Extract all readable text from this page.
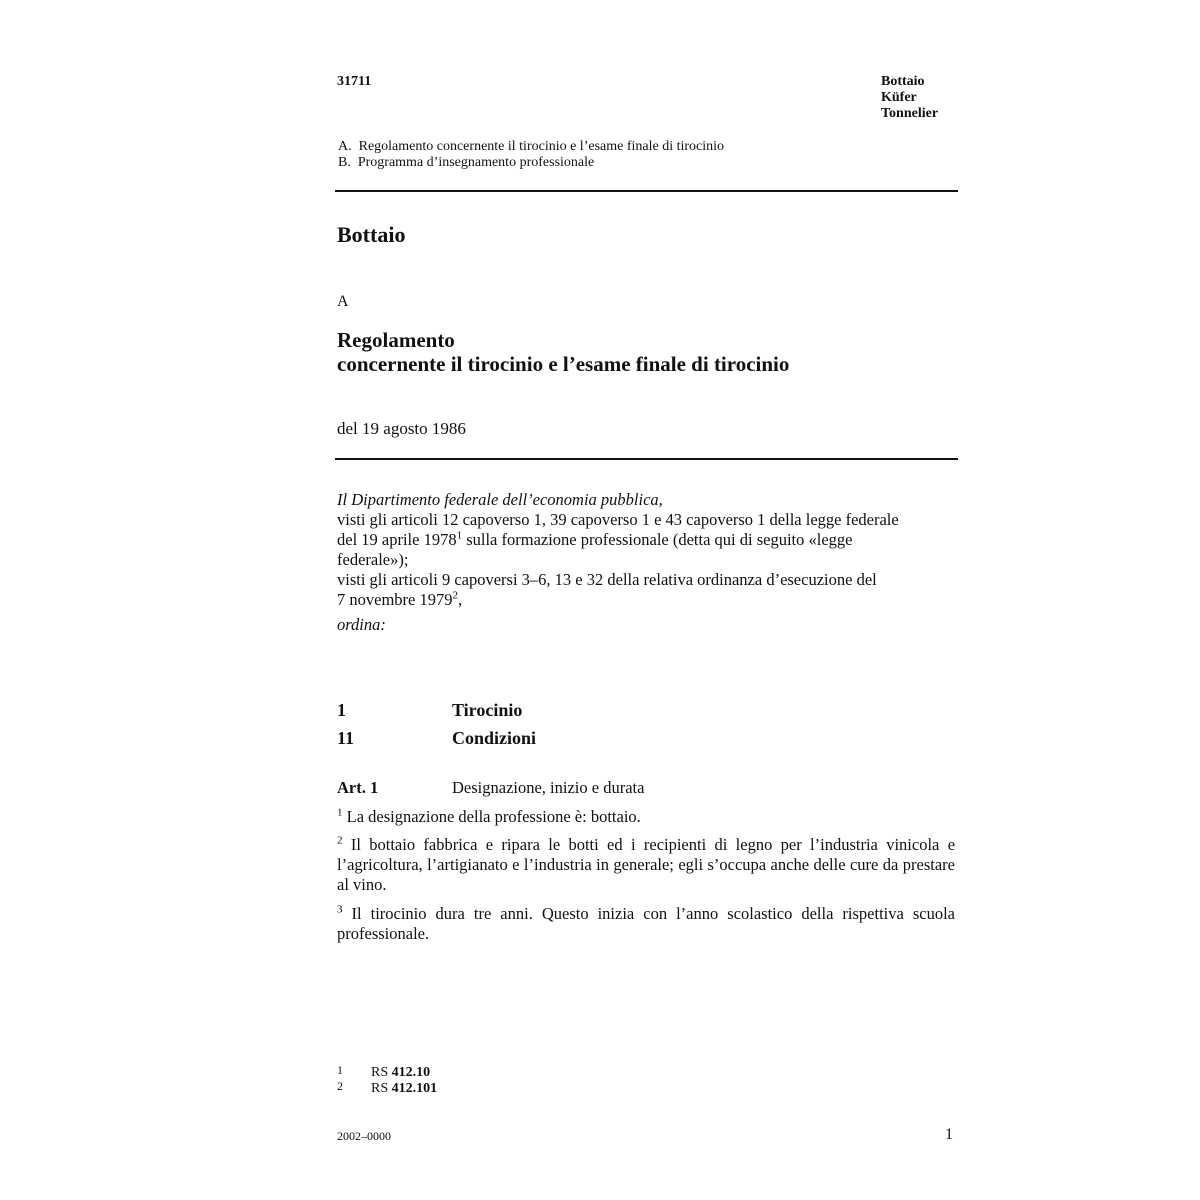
31711	Bottaio
Küfer
Tonnelier
A.  Regolamento concernente il tirocinio e l’esame finale di tirocinio
B.  Programma d’insegnamento professionale
Bottaio
A
Regolamento
concernente il tirocinio e l’esame finale di tirocinio
del 19 agosto 1986
Il Dipartimento federale dell’economia pubblica,
visti gli articoli 12 capoverso 1, 39 capoverso 1 e 43 capoverso 1 della legge federale
del 19 aprile 1978$^1$ sulla formazione professionale (detta qui di seguito «legge
federale»);
visti gli articoli 9 capoversi 3–6, 13 e 32 della relativa ordinanza d’esecuzione del
7 novembre 1979$^2$,
ordina:
1	Tirocinio
11	Condizioni
Art. 1	Designazione, inizio e durata
$^1$ La designazione della professione è: bottaio.
$^2$ Il bottaio fabbrica e ripara le botti ed i recipienti di legno per l’industria vinicola e l’agricoltura, l’artigianato e l’industria in generale; egli s’occupa anche delle cure da prestare al vino.
$^3$ Il tirocinio dura tre anni. Questo inizia con l’anno scolastico della rispettiva scuola professionale.
1 RS 412.10
2 RS 412.101
2002–0000	1
